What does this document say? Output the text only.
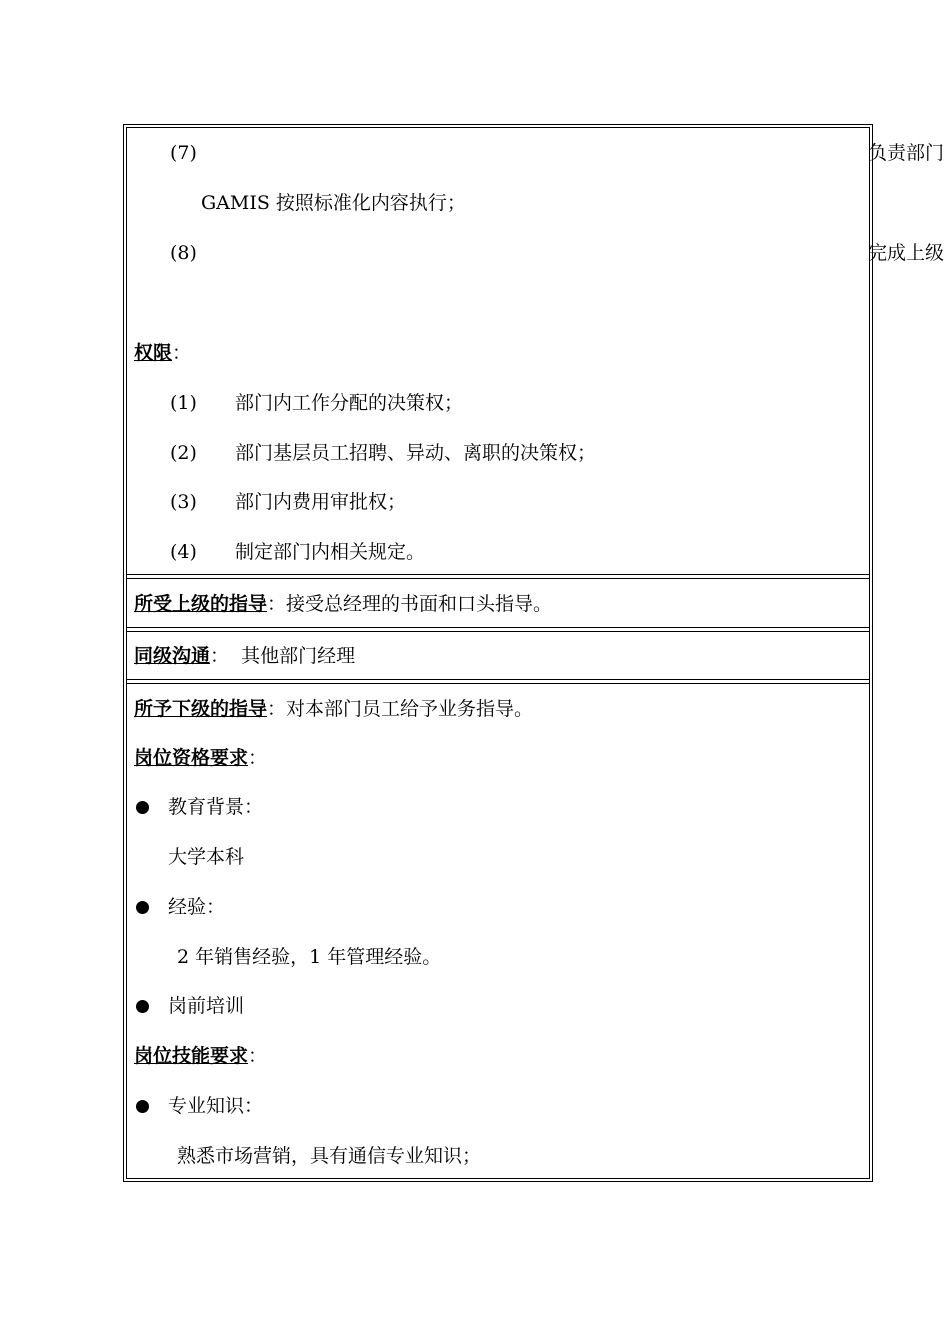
(7)	负责部门
GAMIS 按照标准化内容执行；
(8)	完成上级
权限：
(1) 部门内工作分配的决策权；
(2) 部门基层员工招聘、异动、离职的决策权；
(3) 部门内费用审批权；
(4) 制定部门内相关规定。
所受上级的指导：接受总经理的书面和口头指导。
同级沟通：  其他部门经理
所予下级的指导：对本部门员工给予业务指导。
岗位资格要求：
教育背景：
大学本科
经验：
2 年销售经验，1 年管理经验。
岗前培训
岗位技能要求：
专业知识：
熟悉市场营销，具有通信专业知识；
